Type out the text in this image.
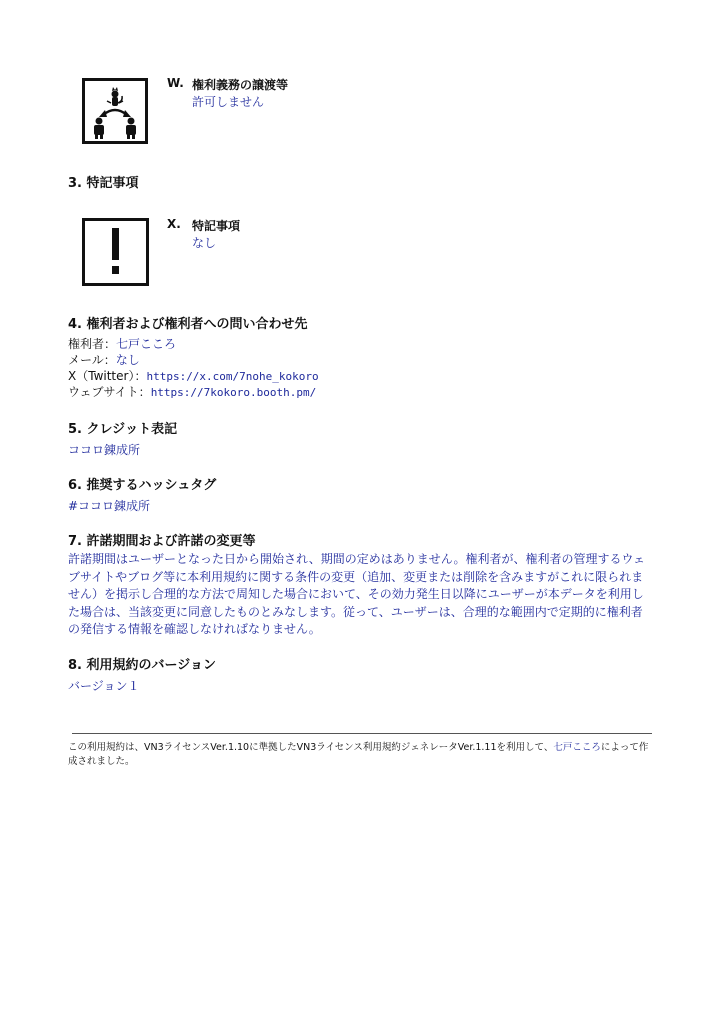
W. 権利義務の譲渡等
許可しません
3. 特記事項
X. 特記事項
なし
4. 権利者および権利者への問い合わせ先
権利者：七戸こころ
メール：なし
X（Twitter）：https://x.com/7nohe_kokoro
ウェブサイト：https://7kokoro.booth.pm/
5. クレジット表記
ココロ錬成所
6. 推奨するハッシュタグ
#ココロ錬成所
7. 許諾期間および許諾の変更等
許諾期間はユーザーとなった日から開始され、期間の定めはありません。権利者が、権利者の管理するウェ
ブサイトやブログ等に本利用規約に関する条件の変更（追加、変更または削除を含みますがこれに限られま
せん）を掲示し合理的な方法で周知した場合において、その効力発生日以降にユーザーが本データを利用し
た場合は、当該変更に同意したものとみなします。従って、ユーザーは、合理的な範囲内で定期的に権利者
の発信する情報を確認しなければなりません。
8. 利用規約のバージョン
バージョン１
この利用規約は、VN3ライセンスVer.1.10に準拠したVN3ライセンス利用規約ジェネレータVer.1.11を利用して、七戸こころによって作
成されました。
